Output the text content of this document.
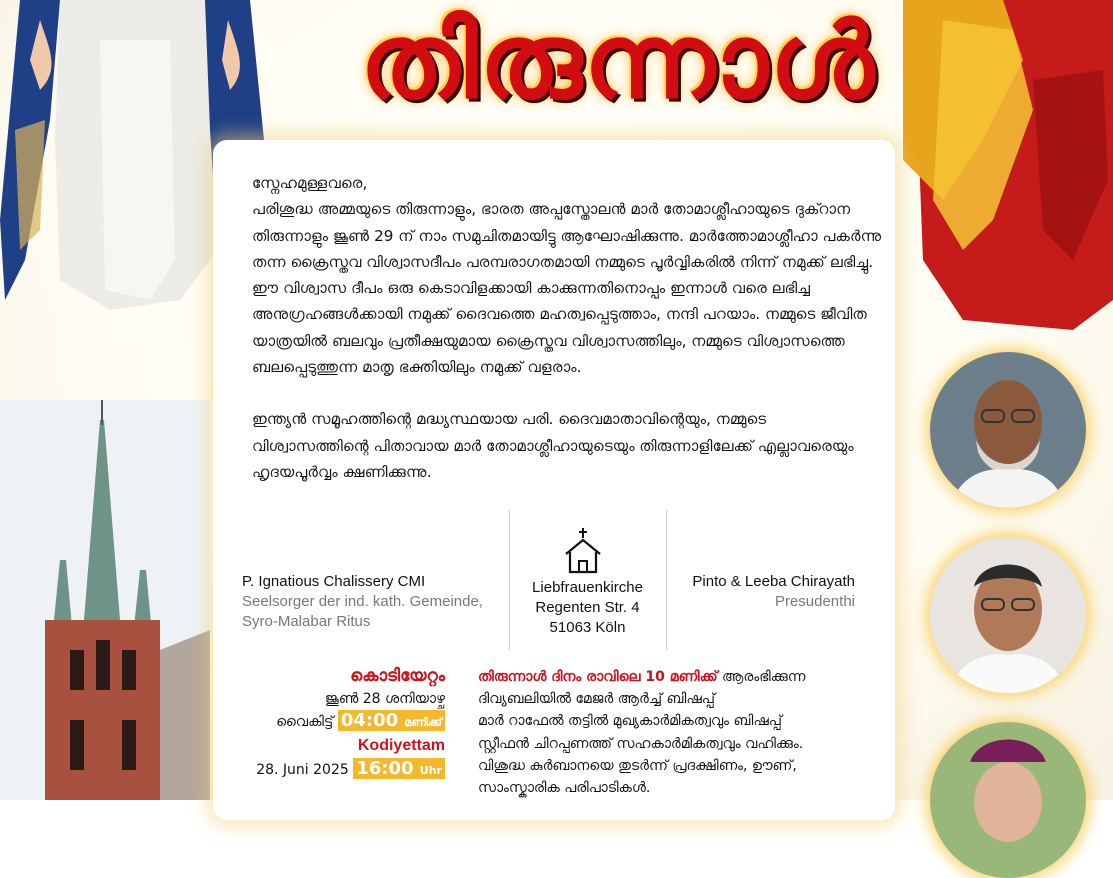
തിരുന്നാൾ

സ്നേഹമുള്ളവരെ,

പരിശുദ്ധ അമ്മയുടെ തിരുന്നാളും, ഭാരത അപ്പസ്തോലൻ മാർ തോമാശ്ലീഹായുടെ ദുക്റാന തിരുന്നാളും ജൂൺ 29 ന് നാം സമുചിതമായിട്ടു ആഘോഷിക്കുന്നു. മാർത്തോമാശ്ലീഹാ പകർന്നു തന്ന ക്രൈസ്തവ വിശ്വാസദീപം പരമ്പരാഗതമായി നമ്മുടെ പൂർവ്വികരിൽ നിന്ന് നമുക്ക് ലഭിച്ചു. ഈ വിശ്വാസ ദീപം ഒരു കെടാവിളക്കായി കാക്കുന്നതിനൊപ്പം ഇന്നാൾ വരെ ലഭിച്ച അനുഗ്രഹങ്ങൾക്കായി നമുക്ക് ദൈവത്തെ മഹത്വപ്പെടുത്താം, നന്ദി പറയാം. നമ്മുടെ ജീവിത യാത്രയിൽ ബലവും പ്രതീക്ഷയുമായ ക്രൈസ്തവ വിശ്വാസത്തിലും, നമ്മുടെ വിശ്വാസത്തെ ബലപ്പെടുത്തുന്ന മാതൃ ഭക്തിയിലും നമുക്ക് വളരാം.

ഇന്ത്യൻ സമൂഹത്തിന്റെ മദ്ധ്യസ്ഥയായ പരി. ദൈവമാതാവിന്റെയും, നമ്മുടെ വിശ്വാസത്തിന്റെ പിതാവായ മാർ തോമാശ്ലീഹായുടെയും തിരുന്നാളിലേക്ക് എല്ലാവരെയും ഹൃദയപൂർവ്വം ക്ഷണിക്കുന്നു.

P. Ignatious Chalissery CMI
Seelsorger der ind. kath. Gemeinde,
Syro-Malabar Ritus
Liebfrauenkirche
Regenten Str. 4
51063 Köln
Pinto & Leeba Chirayath
Presudenthi
കൊടിയേറ്റം
ജൂൺ 28 ശനിയാഴ്ച
വൈകിട്ട് 04:00 മണിക്ക്
Kodiyettam
28. Juni 2025 16:00 Uhr
തിരുന്നാൾ ദിനം രാവിലെ 10 മണിക്ക് ആരംഭിക്കുന്ന
ദിവ്യബലിയിൽ മേജർ ആർച്ച് ബിഷപ്പ്
മാർ റാഫേൽ തട്ടിൽ മുഖ്യകാർമികത്വവും ബിഷപ്പ്
സ്റ്റീഫൻ ചിറപ്പണത്ത് സഹകാർമികത്വവും വഹിക്കും.
വിശുദ്ധ കുർബാനയെ തുടർന്ന് പ്രദക്ഷിണം, ഊണ്,
സാംസ്കാരിക പരിപാടികൾ.
